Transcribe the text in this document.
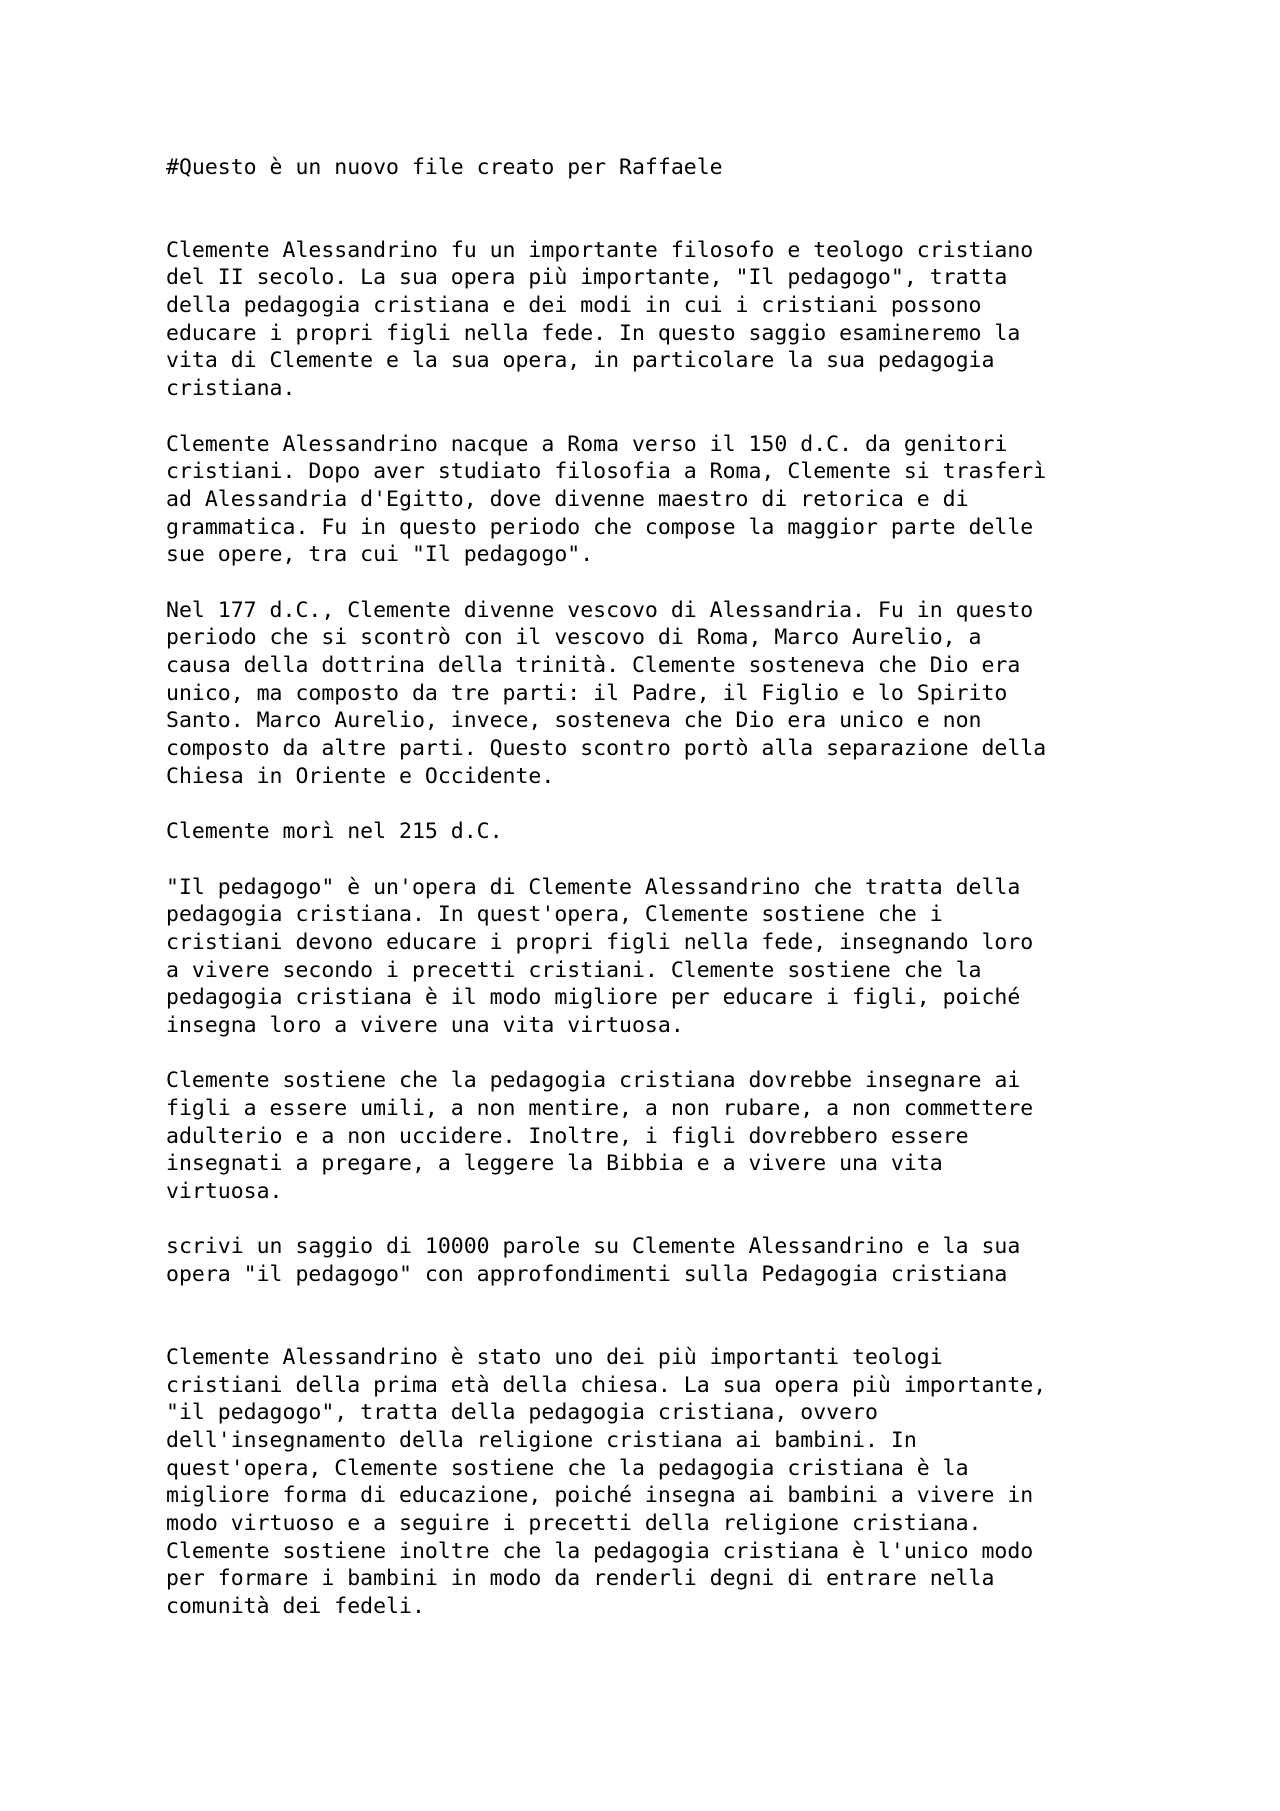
#Questo è un nuovo file creato per Raffaele
Clemente Alessandrino fu un importante filosofo e teologo cristiano
del II secolo. La sua opera più importante, "Il pedagogo", tratta
della pedagogia cristiana e dei modi in cui i cristiani possono
educare i propri figli nella fede. In questo saggio esamineremo la
vita di Clemente e la sua opera, in particolare la sua pedagogia
cristiana.
Clemente Alessandrino nacque a Roma verso il 150 d.C. da genitori
cristiani. Dopo aver studiato filosofia a Roma, Clemente si trasferì
ad Alessandria d'Egitto, dove divenne maestro di retorica e di
grammatica. Fu in questo periodo che compose la maggior parte delle
sue opere, tra cui "Il pedagogo".
Nel 177 d.C., Clemente divenne vescovo di Alessandria. Fu in questo
periodo che si scontrò con il vescovo di Roma, Marco Aurelio, a
causa della dottrina della trinità. Clemente sosteneva che Dio era
unico, ma composto da tre parti: il Padre, il Figlio e lo Spirito
Santo. Marco Aurelio, invece, sosteneva che Dio era unico e non
composto da altre parti. Questo scontro portò alla separazione della
Chiesa in Oriente e Occidente.
Clemente morì nel 215 d.C.
"Il pedagogo" è un'opera di Clemente Alessandrino che tratta della
pedagogia cristiana. In quest'opera, Clemente sostiene che i
cristiani devono educare i propri figli nella fede, insegnando loro
a vivere secondo i precetti cristiani. Clemente sostiene che la
pedagogia cristiana è il modo migliore per educare i figli, poiché
insegna loro a vivere una vita virtuosa.
Clemente sostiene che la pedagogia cristiana dovrebbe insegnare ai
figli a essere umili, a non mentire, a non rubare, a non commettere
adulterio e a non uccidere. Inoltre, i figli dovrebbero essere
insegnati a pregare, a leggere la Bibbia e a vivere una vita
virtuosa.
scrivi un saggio di 10000 parole su Clemente Alessandrino e la sua
opera "il pedagogo" con approfondimenti sulla Pedagogia cristiana
Clemente Alessandrino è stato uno dei più importanti teologi
cristiani della prima età della chiesa. La sua opera più importante,
"il pedagogo", tratta della pedagogia cristiana, ovvero
dell'insegnamento della religione cristiana ai bambini. In
quest'opera, Clemente sostiene che la pedagogia cristiana è la
migliore forma di educazione, poiché insegna ai bambini a vivere in
modo virtuoso e a seguire i precetti della religione cristiana.
Clemente sostiene inoltre che la pedagogia cristiana è l'unico modo
per formare i bambini in modo da renderli degni di entrare nella
comunità dei fedeli.
